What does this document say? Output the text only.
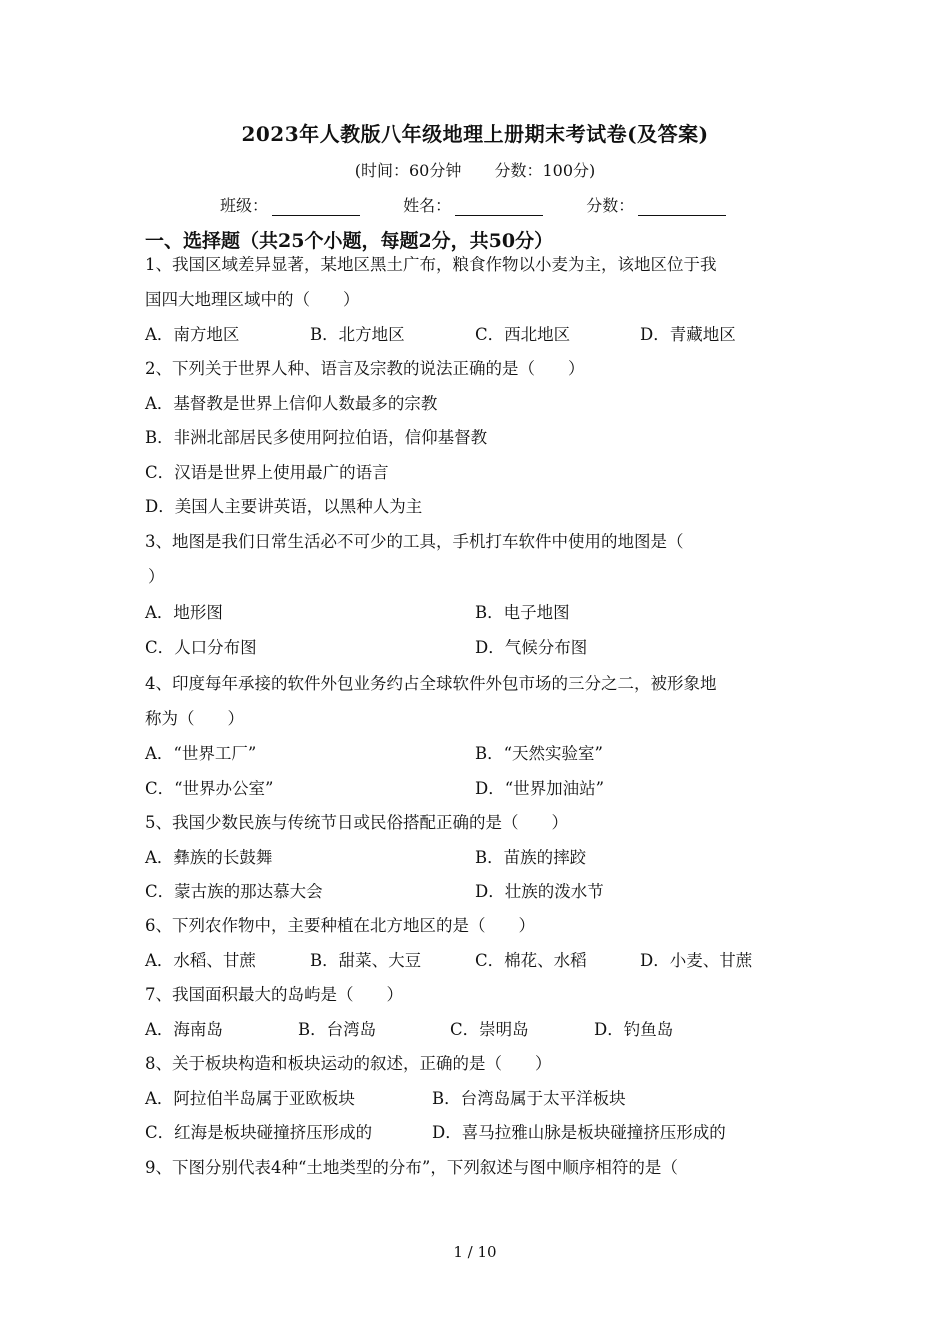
2023年人教版八年级地理上册期末考试卷(及答案)
(时间：60分钟 分数：100分)
班级：	姓名：	分数：
一、选择题（共25个小题，每题2分，共50分）
1、我国区域差异显著，某地区黑土广布，粮食作物以小麦为主，该地区位于我
国四大地理区域中的（　　）
A．南方地区	B．北方地区	C．西北地区	D．青藏地区
2、下列关于世界人种、语言及宗教的说法正确的是（　　）
A．基督教是世界上信仰人数最多的宗教
B．非洲北部居民多使用阿拉伯语，信仰基督教
C．汉语是世界上使用最广的语言
D．美国人主要讲英语，以黑种人为主
3、地图是我们日常生活必不可少的工具，手机打车软件中使用的地图是（
）
A．地形图	B．电子地图
C．人口分布图	D．气候分布图
4、印度每年承接的软件外包业务约占全球软件外包市场的三分之二，被形象地
称为（　　）
A．“世界工厂”	B．“天然实验室”
C．“世界办公室”	D．“世界加油站”
5、我国少数民族与传统节日或民俗搭配正确的是（　　）
A．彝族的长鼓舞	B．苗族的摔跤
C．蒙古族的那达慕大会	D．壮族的泼水节
6、下列农作物中，主要种植在北方地区的是（　　）
A．水稻、甘蔗	B．甜菜、大豆	C．棉花、水稻	D．小麦、甘蔗
7、我国面积最大的岛屿是（　　）
A．海南岛	B．台湾岛	C．崇明岛	D．钓鱼岛
8、关于板块构造和板块运动的叙述，正确的是（　　）
A．阿拉伯半岛属于亚欧板块	B．台湾岛属于太平洋板块
C．红海是板块碰撞挤压形成的	D．喜马拉雅山脉是板块碰撞挤压形成的
9、下图分别代表4种“土地类型的分布”，下列叙述与图中顺序相符的是（
1 / 10
